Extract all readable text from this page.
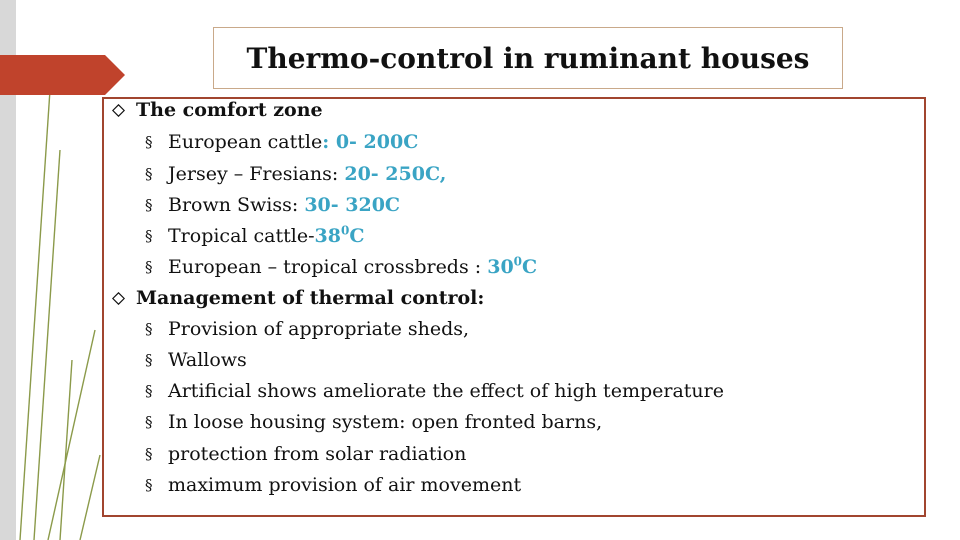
Thermo-control in ruminant houses
The comfort zone
§ European cattle: 0- 200C
§ Jersey – Fresians: 20- 250C,
§ Brown Swiss: 30- 320C
§ Tropical cattle-$38^0C$
§ European – tropical crossbreds : $30^0C$
Management of thermal control:
§ Provision of appropriate sheds,
§ Wallows
§ Artificial shows ameliorate the effect of high temperature
§ In loose housing system: open fronted barns,
§ protection from solar radiation
§ maximum provision of air movement
